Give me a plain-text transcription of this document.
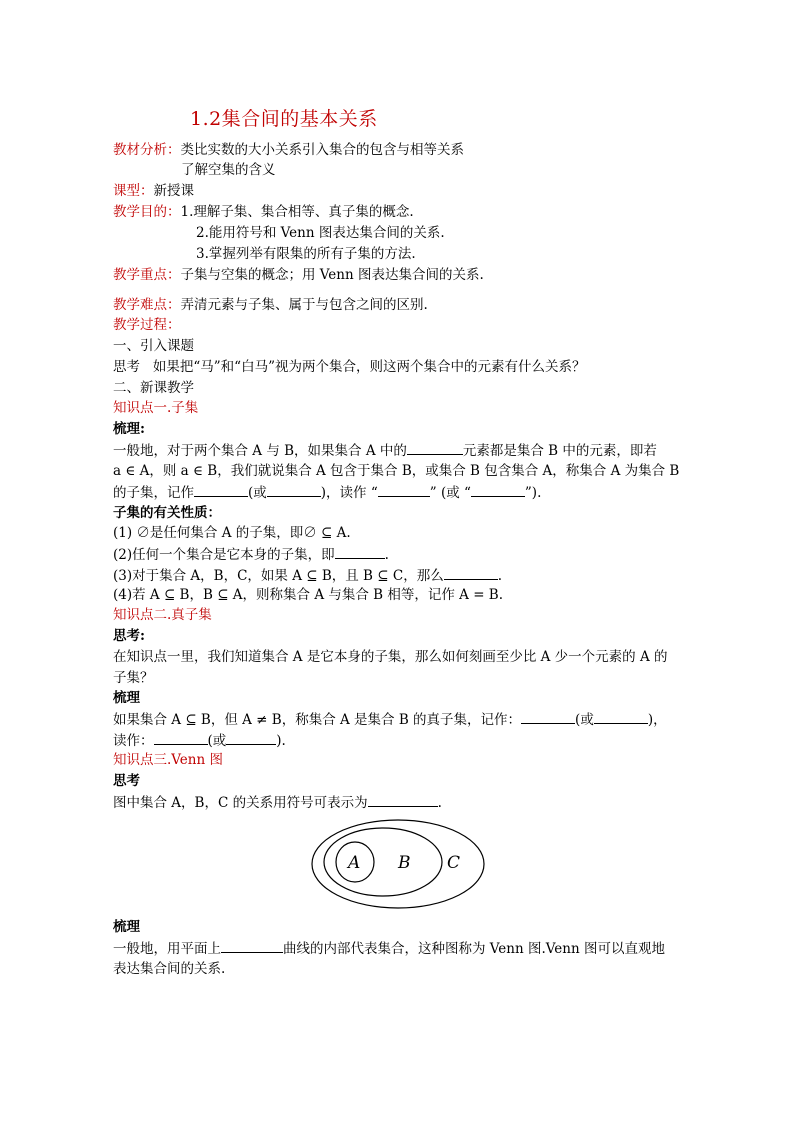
1.2集合间的基本关系
教材分析：类比实数的大小关系引入集合的包含与相等关系
了解空集的含义
课型：新授课
教学目的：1.理解子集、集合相等、真子集的概念.
2.能用符号和 Venn 图表达集合间的关系.
3.掌握列举有限集的所有子集的方法.
教学重点：子集与空集的概念；用 Venn 图表达集合间的关系.
教学难点：弄清元素与子集、属于与包含之间的区别.
教学过程：
一、引入课题
思考 如果把“马”和“白马”视为两个集合，则这两个集合中的元素有什么关系？
二、新课教学
知识点一.子集
梳理:
一般地，对于两个集合 A 与 B，如果集合 A 中的	元素都是集合 B 中的元素，即若
a ∈ A，则 a ∈ B，我们就说集合 A 包含于集合 B，或集合 B 包含集合 A，称集合 A 为集合 B
的子集，记作	(或	)，读作 “	” (或 “	”).
子集的有关性质：
(1) ∅是任何集合 A 的子集，即∅ ⊆ A.
(2)任何一个集合是它本身的子集，即	.
(3)对于集合 A，B，C，如果 A ⊆ B，且 B ⊆ C，那么	.
(4)若 A ⊆ B，B ⊆ A，则称集合 A 与集合 B 相等，记作 A = B.
知识点二.真子集
思考:
在知识点一里，我们知道集合 A 是它本身的子集，那么如何刻画至少比 A 少一个元素的 A 的
子集？
梳理
如果集合 A ⊆ B，但 A ≠ B，称集合 A 是集合 B 的真子集，记作：	(或	)，
读作：	(或	).
知识点三.Venn 图
思考
图中集合 A，B，C 的关系用符号可表示为	.
A B C
梳理
一般地，用平面上	曲线的内部代表集合，这种图称为 Venn 图.Venn 图可以直观地
表达集合间的关系.
